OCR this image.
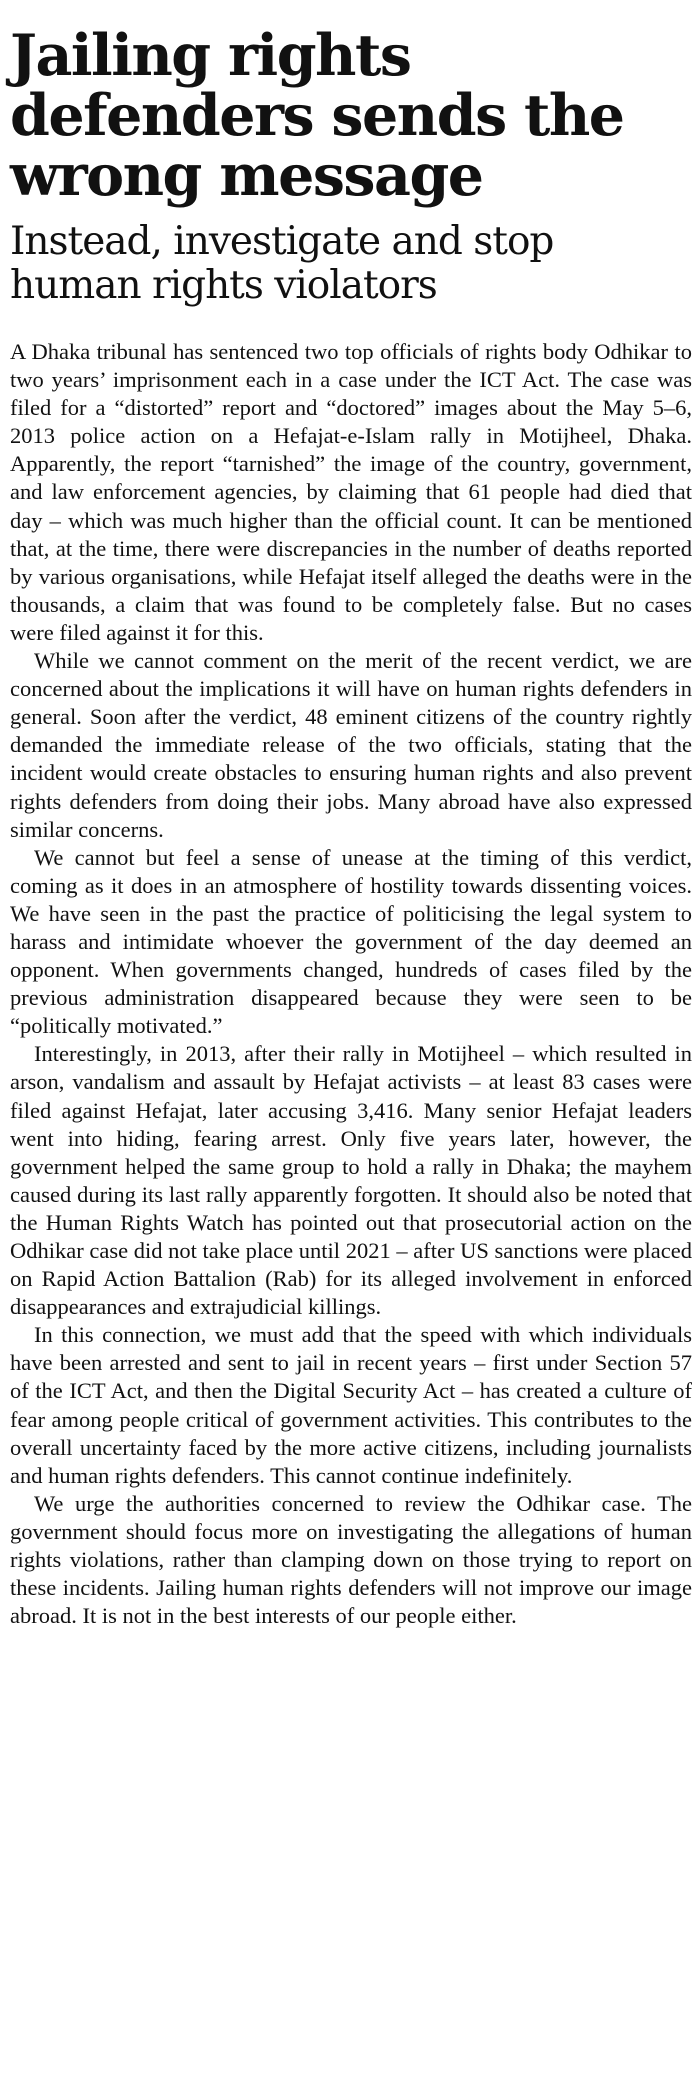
Jailing rights defenders sends the wrong message
Instead, investigate and stop human rights violators

A Dhaka tribunal has sentenced two top officials of rights body Odhikar to two years’ imprisonment each in a case under the ICT Act. The case was filed for a “distorted” report and “doctored” images about the May 5–6, 2013 police action on a Hefajat-e-Islam rally in Motijheel, Dhaka. Apparently, the report “tarnished” the image of the country, government, and law enforcement agencies, by claiming that 61 people had died that day – which was much higher than the official count. It can be mentioned that, at the time, there were discrepancies in the number of deaths reported by various organisations, while Hefajat itself alleged the deaths were in the thousands, a claim that was found to be completely false. But no cases were filed against it for this.

While we cannot comment on the merit of the recent verdict, we are concerned about the implications it will have on human rights defenders in general. Soon after the verdict, 48 eminent citizens of the country rightly demanded the immediate release of the two officials, stating that the incident would create obstacles to ensuring human rights and also prevent rights defenders from doing their jobs. Many abroad have also expressed similar concerns.

We cannot but feel a sense of unease at the timing of this verdict, coming as it does in an atmosphere of hostility towards dissenting voices. We have seen in the past the practice of politicising the legal system to harass and intimidate whoever the government of the day deemed an opponent. When governments changed, hundreds of cases filed by the previous administration disappeared because they were seen to be “politically motivated.”

Interestingly, in 2013, after their rally in Motijheel – which resulted in arson, vandalism and assault by Hefajat activists – at least 83 cases were filed against Hefajat, later accusing 3,416. Many senior Hefajat leaders went into hiding, fearing arrest. Only five years later, however, the government helped the same group to hold a rally in Dhaka; the mayhem caused during its last rally apparently forgotten. It should also be noted that the Human Rights Watch has pointed out that prosecutorial action on the Odhikar case did not take place until 2021 – after US sanctions were placed on Rapid Action Battalion (Rab) for its alleged involvement in enforced disappearances and extrajudicial killings.

In this connection, we must add that the speed with which individuals have been arrested and sent to jail in recent years – first under Section 57 of the ICT Act, and then the Digital Security Act – has created a culture of fear among people critical of government activities. This contributes to the overall uncertainty faced by the more active citizens, including journalists and human rights defenders. This cannot continue indefinitely.

We urge the authorities concerned to review the Odhikar case. The government should focus more on investigating the allegations of human rights violations, rather than clamping down on those trying to report on these incidents. Jailing human rights defenders will not improve our image abroad. It is not in the best interests of our people either.
